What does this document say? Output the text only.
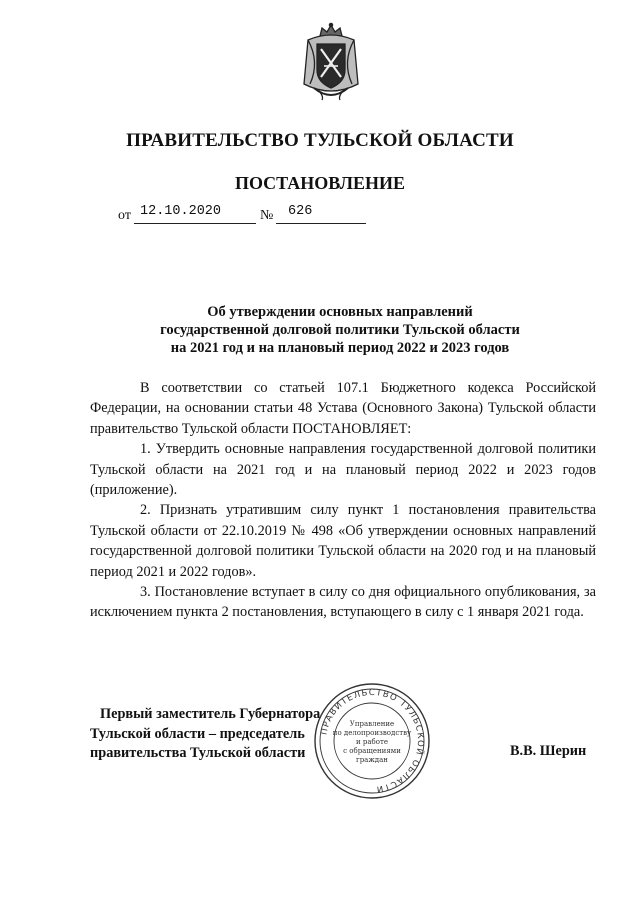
ПРАВИТЕЛЬСТВО ТУЛЬСКОЙ ОБЛАСТИ
ПОСТАНОВЛЕНИЕ
от 12.10.2020	№ 626
Об утверждении основных направлений
государственной долговой политики Тульской области
на 2021 год и на плановый период 2022 и 2023 годов

В соответствии со статьей 107.1 Бюджетного кодекса Российской Федерации, на основании статьи 48 Устава (Основного Закона) Тульской области правительство Тульской области ПОСТАНОВЛЯЕТ:

1. Утвердить основные направления государственной долговой политики Тульской области на 2021 год и на плановый период 2022 и 2023 годов (приложение).

2. Признать утратившим силу пункт 1 постановления правительства Тульской области от 22.10.2019 № 498 «Об утверждении основных направлений государственной долговой политики Тульской области на 2020 год и на плановый период 2021 и 2022 годов».

3. Постановление вступает в силу со дня официального опубликования, за исключением пункта 2 постановления, вступающего в силу с 1 января 2021 года.

Первый заместитель Губернатора
Тульской области – председатель
правительства Тульской области	В.В. Шерин
ПРАВИТЕЛЬСТВО ТУЛЬСКОЙ ОБЛАСТИ
Управление
по делопроизводству
и работе
с обращениями
граждан
